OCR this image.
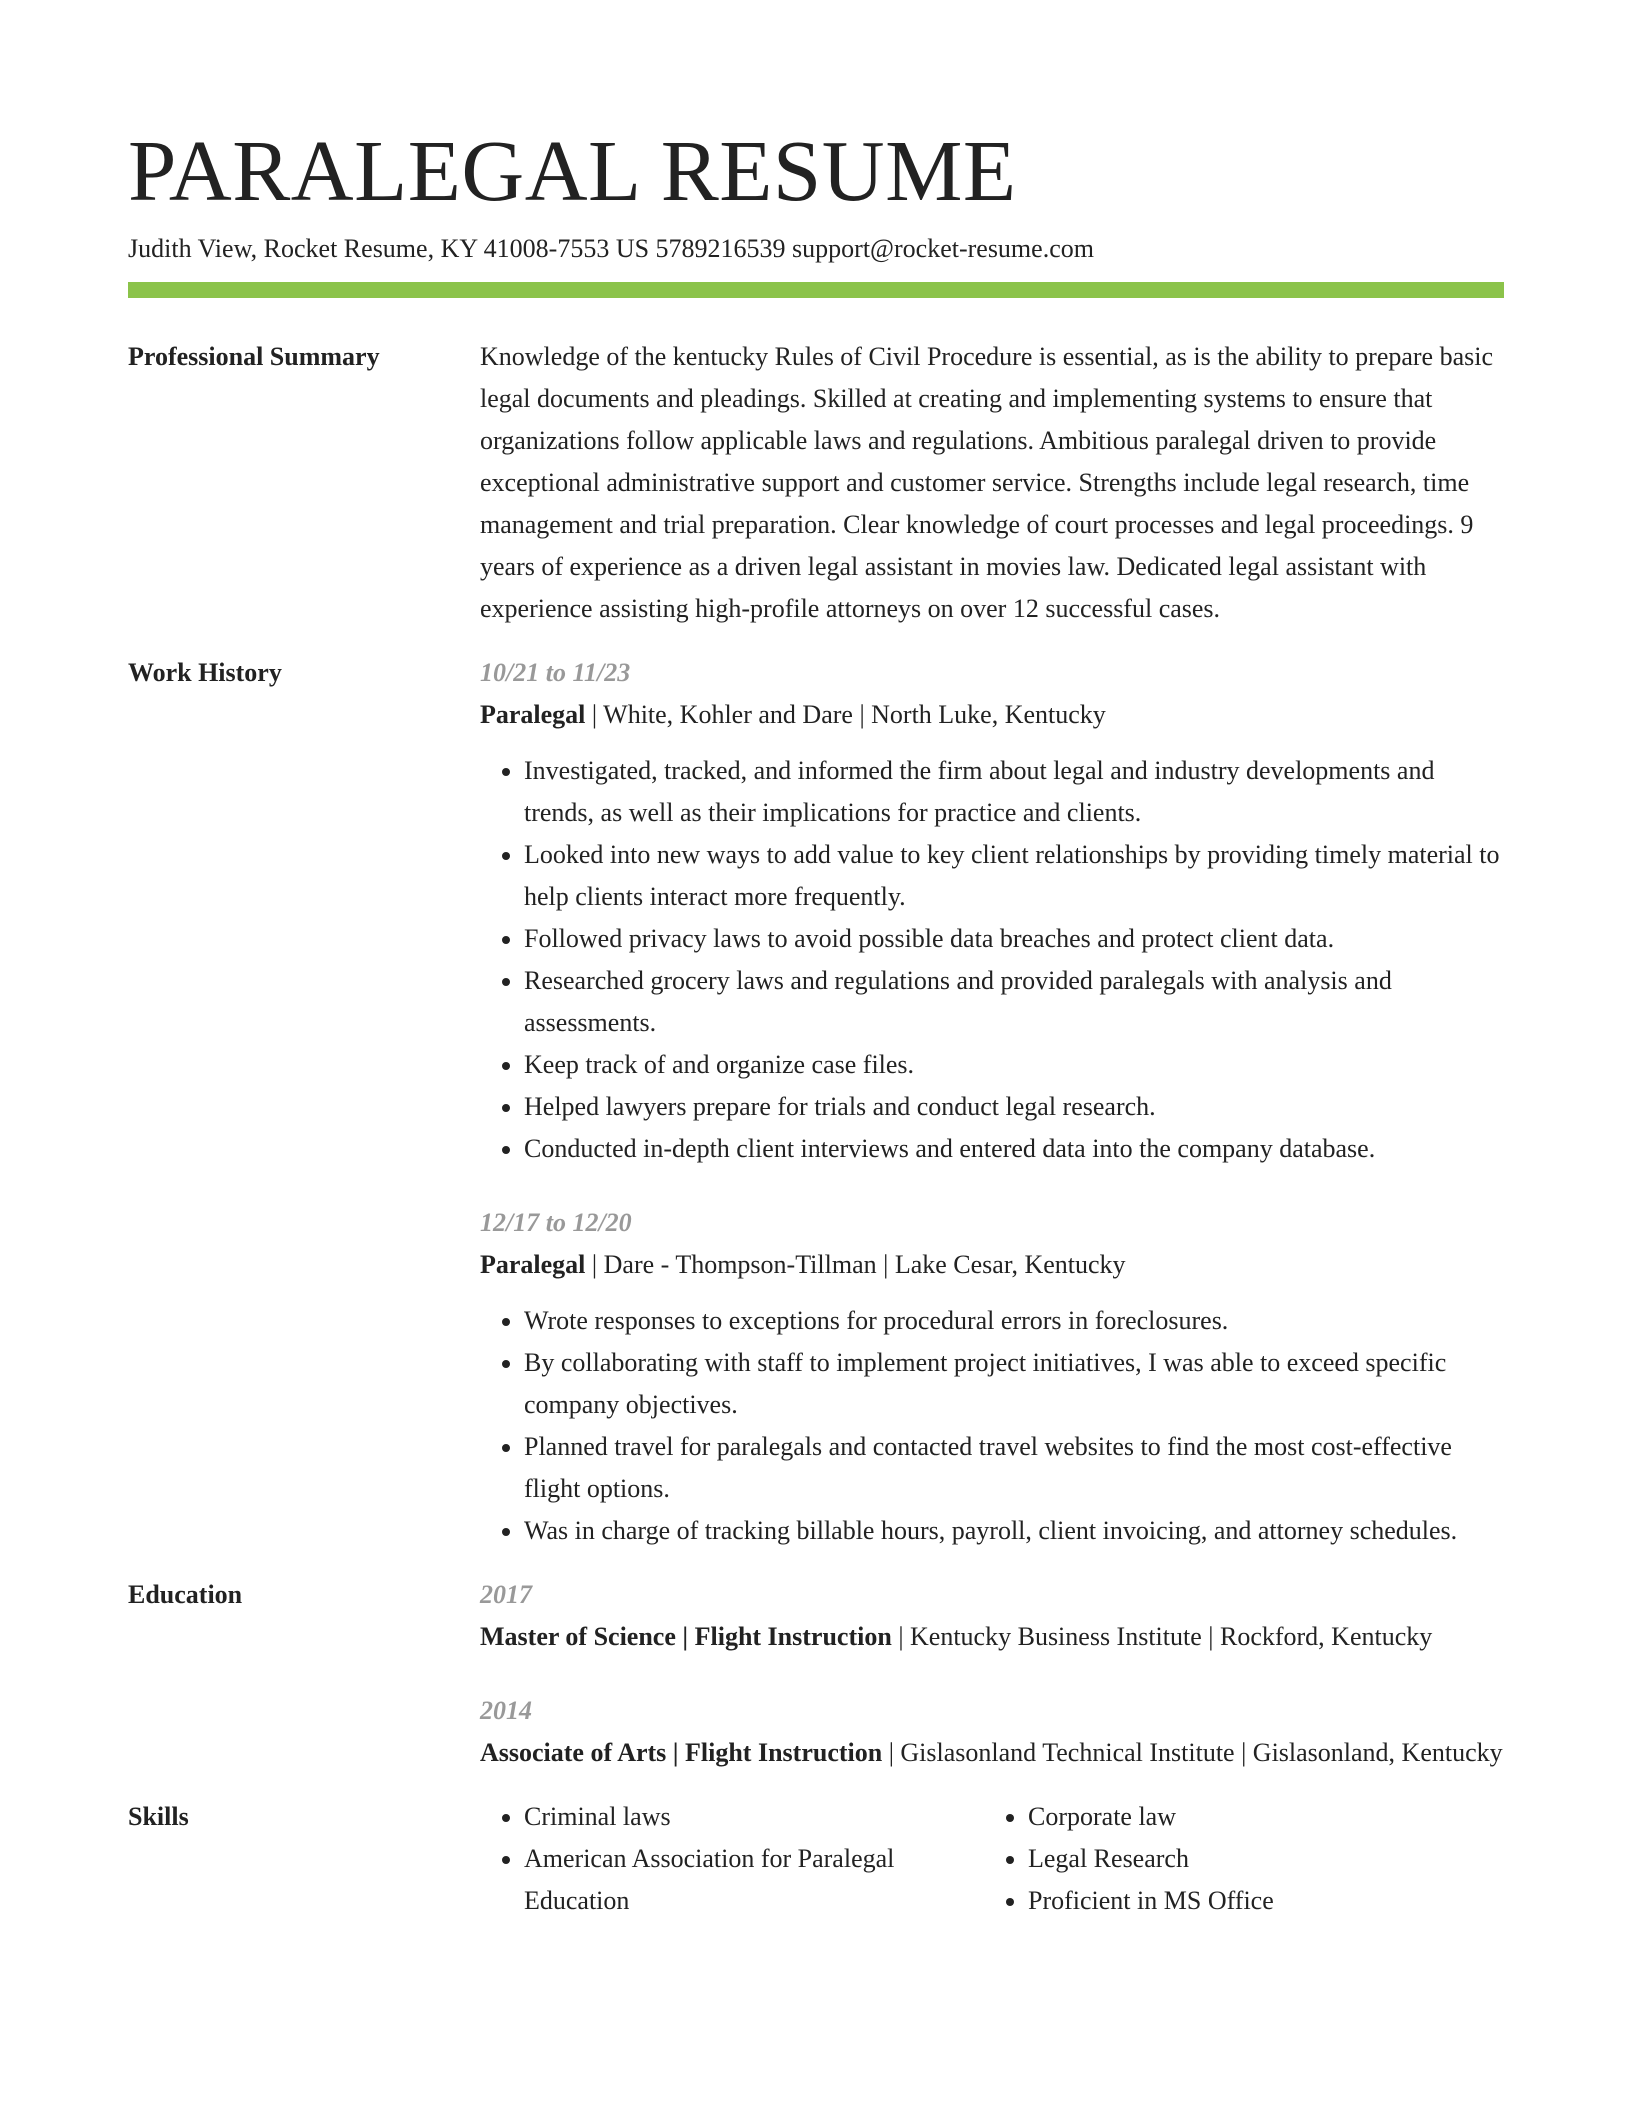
PARALEGAL RESUME
Judith View, Rocket Resume, KY 41008-7553 US 5789216539 support@rocket-resume.com
Professional Summary	Knowledge of the kentucky Rules of Civil Procedure is essential, as is the ability to prepare basic legal documents and pleadings. Skilled at creating and implementing systems to ensure that organizations follow applicable laws and regulations. Ambitious paralegal driven to provide exceptional administrative support and customer service. Strengths include legal research, time management and trial preparation. Clear knowledge of court processes and legal proceedings. 9 years of experience as a driven legal assistant in movies law. Dedicated legal assistant with experience assisting high-profile attorneys on over 12 successful cases.

Work History	10/21 to 11/23
Paralegal | White, Kohler and Dare | North Luke, Kentucky
• Investigated, tracked, and informed the firm about legal and industry developments and trends, as well as their implications for practice and clients.
• Looked into new ways to add value to key client relationships by providing timely material to help clients interact more frequently.
• Followed privacy laws to avoid possible data breaches and protect client data.
• Researched grocery laws and regulations and provided paralegals with analysis and assessments.
• Keep track of and organize case files.
• Helped lawyers prepare for trials and conduct legal research.
• Conducted in-depth client interviews and entered data into the company database.
12/17 to 12/20
Paralegal | Dare - Thompson-Tillman | Lake Cesar, Kentucky
• Wrote responses to exceptions for procedural errors in foreclosures.
• By collaborating with staff to implement project initiatives, I was able to exceed specific company objectives.
• Planned travel for paralegals and contacted travel websites to find the most cost-effective flight options.
• Was in charge of tracking billable hours, payroll, client invoicing, and attorney schedules.
Education	2017
Master of Science | Flight Instruction | Kentucky Business Institute | Rockford, Kentucky
2014
Associate of Arts | Flight Instruction | Gislasonland Technical Institute | Gislasonland, Kentucky
Skills
•	Criminal laws
• American Association for Paralegal Education
• Corporate law
• Legal Research
• Proficient in MS Office
